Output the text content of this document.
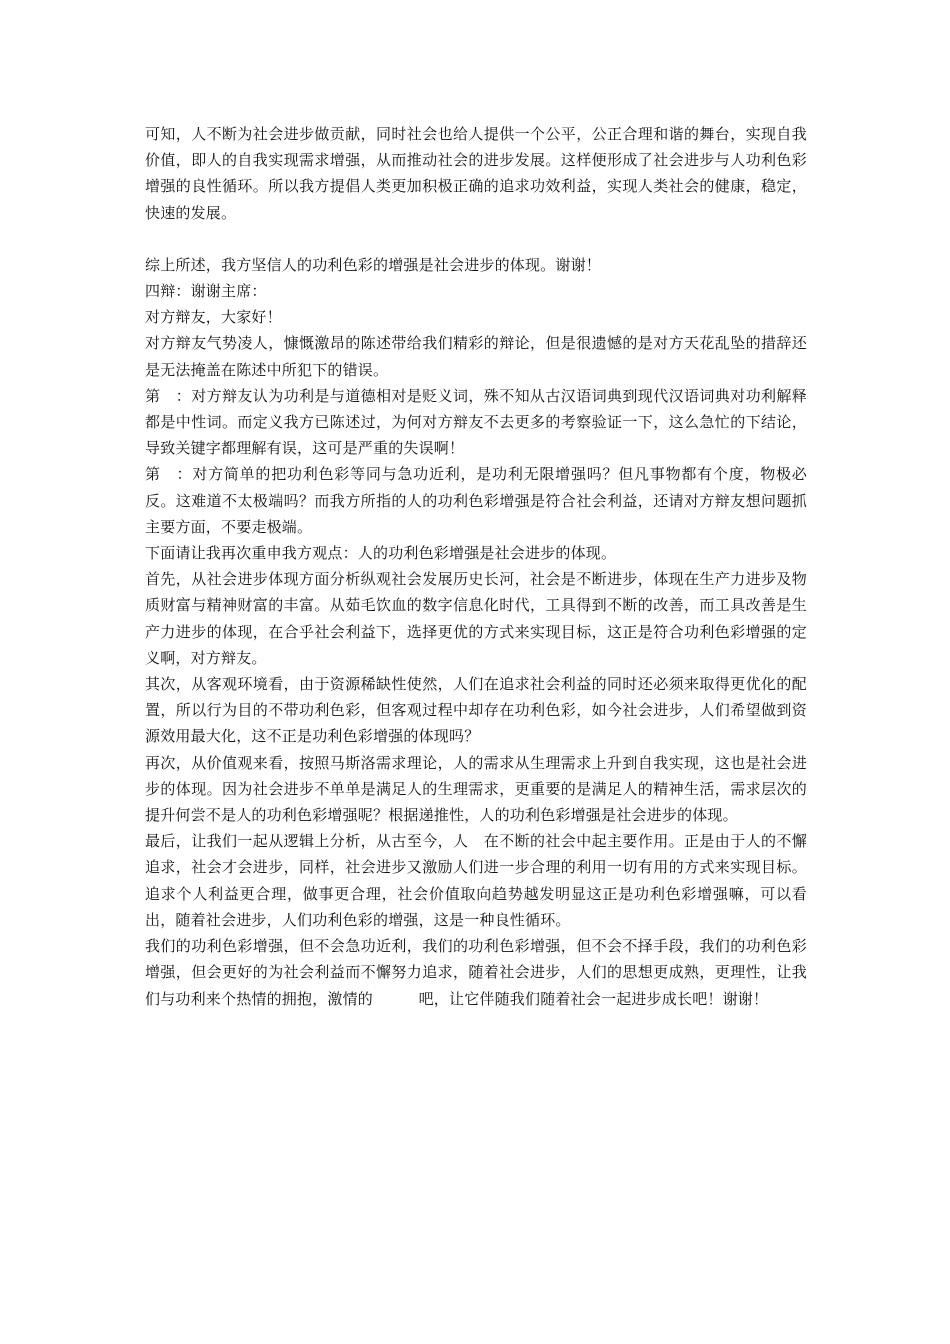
可知，人不断为社会进步做贡献，同时社会也给人提供一个公平，公正合理和谐的舞台，实现自我价值，即人的自我实现需求增强，从而推动社会的进步发展。这样便形成了社会进步与人功利色彩增强的良性循环。所以我方提倡人类更加积极正确的追求功效利益，实现人类社会的健康，稳定，快速的发展。

综上所述，我方坚信人的功利色彩的增强是社会进步的体现。谢谢！

四辩：谢谢主席：

对方辩友，大家好！

对方辩友气势凌人，慷慨激昂的陈述带给我们精彩的辩论，但是很遗憾的是对方天花乱坠的措辞还是无法掩盖在陈述中所犯下的错误。

第　：对方辩友认为功利是与道德相对是贬义词，殊不知从古汉语词典到现代汉语词典对功利解释都是中性词。而定义我方已陈述过，为何对方辩友不去更多的考察验证一下，这么急忙的下结论，导致关键字都理解有误，这可是严重的失误啊！

第　：对方简单的把功利色彩等同与急功近利，是功利无限增强吗？但凡事物都有个度，物极必反。这难道不太极端吗？而我方所指的人的功利色彩增强是符合社会利益，还请对方辩友想问题抓主要方面，不要走极端。

下面请让我再次重申我方观点：人的功利色彩增强是社会进步的体现。

首先，从社会进步体现方面分析纵观社会发展历史长河，社会是不断进步，体现在生产力进步及物质财富与精神财富的丰富。从茹毛饮血的数字信息化时代，工具得到不断的改善，而工具改善是生产力进步的体现，在合乎社会利益下，选择更优的方式来实现目标，这正是符合功利色彩增强的定义啊，对方辩友。

其次，从客观环境看，由于资源稀缺性使然，人们在追求社会利益的同时还必须来取得更优化的配置，所以行为目的不带功利色彩，但客观过程中却存在功利色彩，如今社会进步，人们希望做到资源效用最大化，这不正是功利色彩增强的体现吗？

再次，从价值观来看，按照马斯洛需求理论，人的需求从生理需求上升到自我实现，这也是社会进步的体现。因为社会进步不单单是满足人的生理需求，更重要的是满足人的精神生活，需求层次的提升何尝不是人的功利色彩增强呢？根据递推性，人的功利色彩增强是社会进步的体现。

最后，让我们一起从逻辑上分析，从古至今，人　在不断的社会中起主要作用。正是由于人的不懈追求，社会才会进步，同样，社会进步又激励人们进一步合理的利用一切有用的方式来实现目标。追求个人利益更合理，做事更合理，社会价值取向趋势越发明显这正是功利色彩增强嘛，可以看出，随着社会进步，人们功利色彩的增强，这是一种良性循环。

我们的功利色彩增强，但不会急功近利，我们的功利色彩增强，但不会不择手段，我们的功利色彩增强，但会更好的为社会利益而不懈努力追求，随着社会进步，人们的思想更成熟，更理性，让我们与功利来个热情的拥抱，激情的　　　吧，让它伴随我们随着社会一起进步成长吧！谢谢！
